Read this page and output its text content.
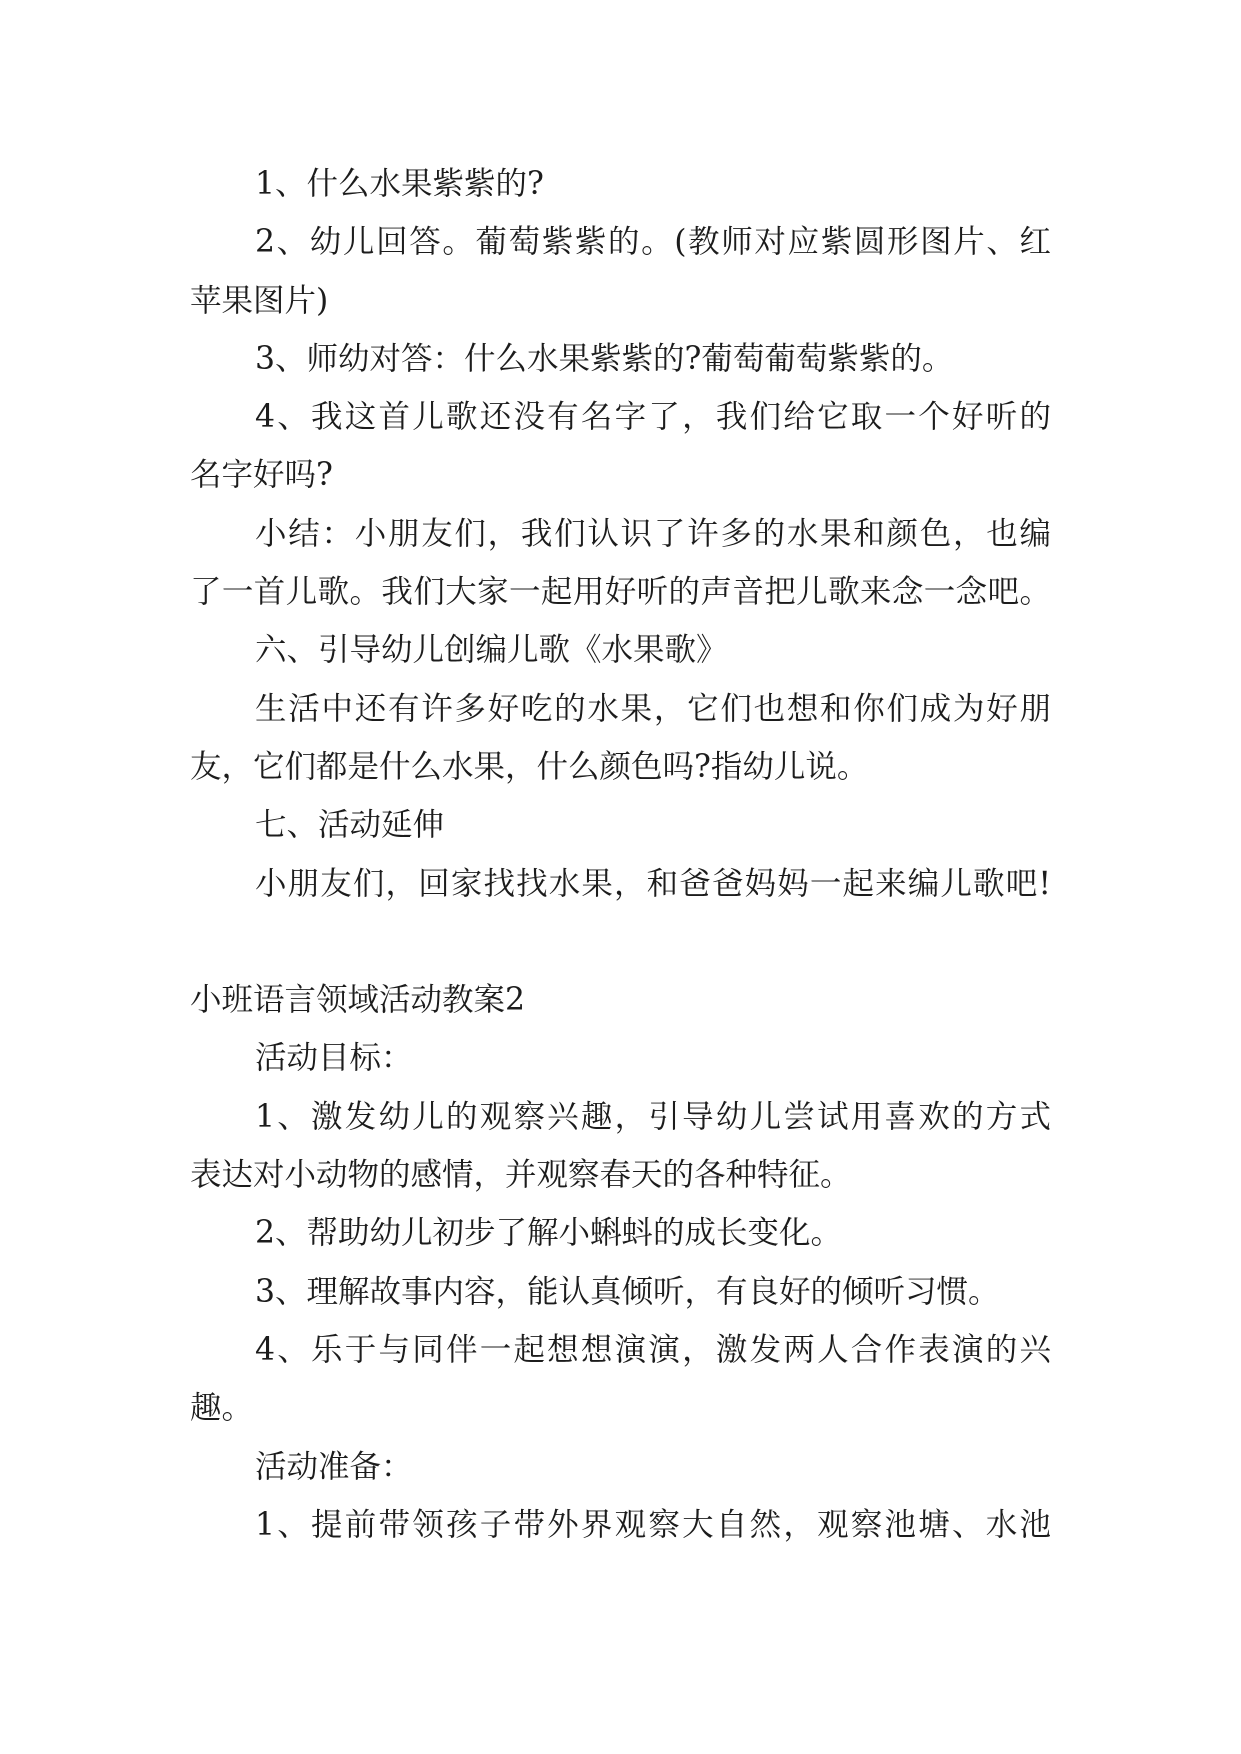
1、什么水果紫紫的?
2、幼儿回答。葡萄紫紫的。(教师对应紫圆形图片、红
苹果图片)
3、师幼对答：什么水果紫紫的?葡萄葡萄紫紫的。
4、我这首儿歌还没有名字了，我们给它取一个好听的
名字好吗?
小结：小朋友们，我们认识了许多的水果和颜色，也编
了一首儿歌。我们大家一起用好听的声音把儿歌来念一念吧。
六、引导幼儿创编儿歌《水果歌》
生活中还有许多好吃的水果，它们也想和你们成为好朋
友，它们都是什么水果，什么颜色吗?指幼儿说。
七、活动延伸
小朋友们，回家找找水果，和爸爸妈妈一起来编儿歌吧!
小班语言领域活动教案2
活动目标：
1、激发幼儿的观察兴趣，引导幼儿尝试用喜欢的方式
表达对小动物的感情，并观察春天的各种特征。
2、帮助幼儿初步了解小蝌蚪的成长变化。
3、理解故事内容，能认真倾听，有良好的倾听习惯。
4、乐于与同伴一起想想演演，激发两人合作表演的兴
趣。
活动准备：
1、提前带领孩子带外界观察大自然，观察池塘、水池
